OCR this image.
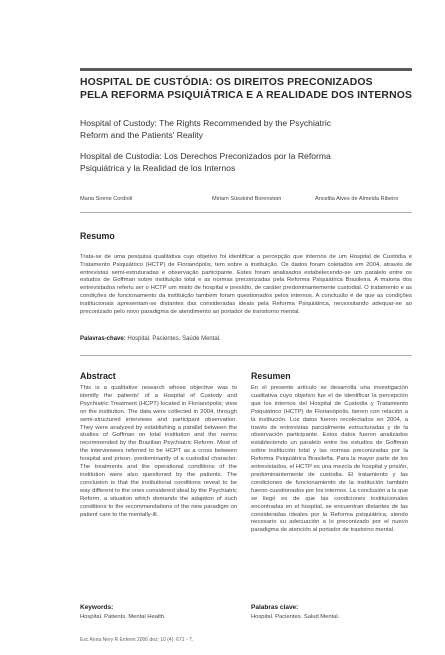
HOSPITAL DE CUSTÓDIA: OS DIREITOS PRECONIZADOS
PELA REFORMA PSIQUIÁTRICA E A REALIDADE DOS INTERNOS
Hospital of Custody: The Rights Recommended by the Psychiatric
Reform and the Patients' Reality
Hospital de Custodia: Los Derechos Preconizados por la Reforma
Psiquiátrica y la Realidad de los Internos
Maria Sirene Cordioli	Miriam Süsskind Borenstein	Ancelita Alves de Almeida Ribeiro
Resumo
Trata-se de uma pesquisa qualitativa cujo objetivo foi identificar a percepção que internos de um Hospital de Custódia e Tratamento Psiquiátrico (HCTP) de Florianópolis, tem sobre a instituição. Os dados foram coletados em 2004, através de entrevistas semi-estruturadas e observação participante. Estes foram analisados estabelecendo-se um paralelo entre os estudos de Goffman sobre instituição total e as normas preconizadas pela Reforma Psiquiátrica Brasileira. A maioria dos entrevistados referiu ser o HCTP um misto de hospital e presídio, de caráter predominantemente custodial. O tratamento e as condições de funcionamento da instituição também foram questionados pelos internos. A conclusão é de que as condições institucionais apresentam-se distantes das consideradas ideais pela Reforma Psiquiátrica, necessitando adequar-se ao preconizado pelo novo paradigma de atendimento ao portador de transtorno mental.
Palavras-chave: Hospital. Pacientes. Saúde Mental.
Abstract
This is a qualitative research whose objective was to identify the patients' of a Hospital of Custody and Psychiatric Treatment (HCPT) located in Florianópolis; view on the institution. The data were collected in 2004, through semi-structured interviews and participant observation. They were analyzed by establishing a parallel between the studies of Goffman on total institution and the norms recommended by the Brazilian Psychiatric Reform. Most of the interviewees referred to be HCPT as a cross between hospital and prison, predominantly of a custodial character. The treatments and the operational conditions of the institution were also questioned by the patients. The conclusion is that the institutional conditions reveal to be way different to the ones considered ideal by the Psychiatric Reform, a situation which demands the adaption of such conditions to the recommendations of the new paradigm on patient care to the mentally-ill.
Resumen
En el presente artículo se desarrolla una investigación cualitativa cuyo objetivo fue el de identificar la percepción que los internos del Hospital de Custodia y Tratamiento Psiquiátrico (HCTP) de Florianópolis, tienen con relación a la institución. Los datos fueron recolectados en 2004, a través de entrevistas parcialmente estructuradas y de la observación participante. Estos datos fueron analizados estableciendo un paralelo entre los estudios de Goffman sobre institución total y las normas preconizadas por la Reforma Psiquiátrica Brasileña. Para la mayor parte de los entrevistados, el HCTP es una mezcla de hospital y prisión, predominantemente de custodia. El tratamiento y las condiciones de funcionamiento de la institución también fueron cuestionados por los internos. La conclusión a la que se llegó es de que las condiciones institucionales encontradas en el hospital, se encuentran distantes de las consideradas ideales por la Reforma psiquiátrica, siendo necesario su adecuación a lo preconizado por el nuevo paradigma de atención al portador de trastorno mental.
Keywords:
Hospital. Patients. Mental Health.
Palabras clave:
Hospital. Pacientes. Salud Mental.
Esc Anna Nery R Enferm 2006 dez; 10 (4): 671 - 7.
